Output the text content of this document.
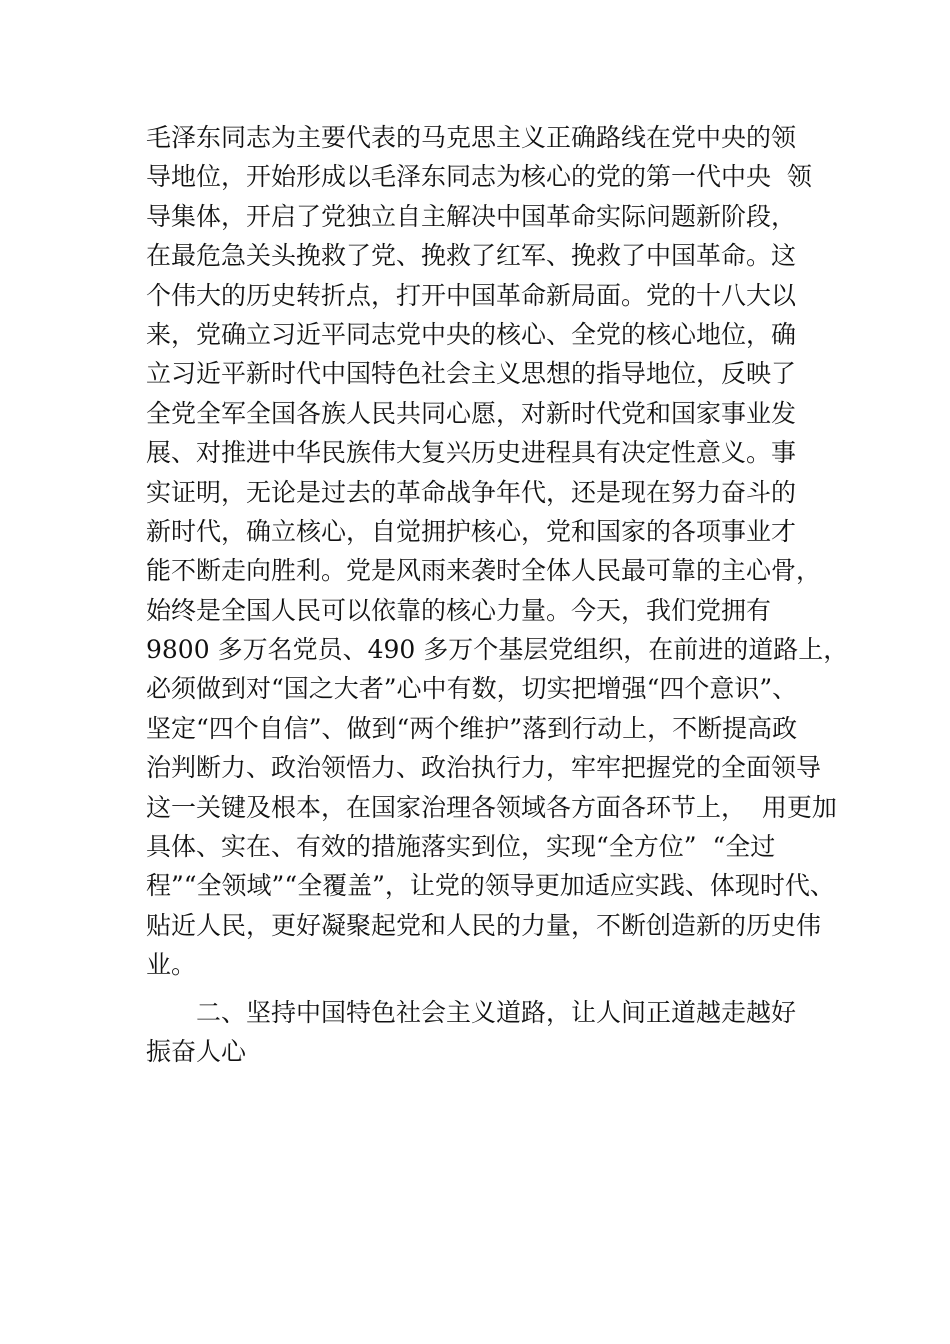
毛泽东同志为主要代表的马克思主义正确路线在党中央的领
导地位，开始形成以毛泽东同志为核心的党的第一代中央  领
导集体，开启了党独立自主解决中国革命实际问题新阶段，
在最危急关头挽救了党、挽救了红军、挽救了中国革命。这
个伟大的历史转折点，打开中国革命新局面。党的十八大以
来，党确立习近平同志党中央的核心、全党的核心地位，确
立习近平新时代中国特色社会主义思想的指导地位，反映了
全党全军全国各族人民共同心愿，对新时代党和国家事业发
展、对推进中华民族伟大复兴历史进程具有决定性意义。事
实证明，无论是过去的革命战争年代，还是现在努力奋斗的
新时代，确立核心，自觉拥护核心，党和国家的各项事业才
能不断走向胜利。党是风雨来袭时全体人民最可靠的主心骨，
始终是全国人民可以依靠的核心力量。今天，我们党拥有
9800 多万名党员、490 多万个基层党组织，在前进的道路上，
必须做到对“国之大者”心中有数，切实把增强“四个意识”、
坚定“四个自信”、做到“两个维护”落到行动上，不断提高政
治判断力、政治领悟力、政治执行力，牢牢把握党的全面领导
这一关键及根本，在国家治理各领域各方面各环节上，  用更加
具体、实在、有效的措施落实到位，实现“全方位”  “全过
程”“全领域”“全覆盖”，让党的领导更加适应实践、体现时代、
贴近人民，更好凝聚起党和人民的力量，不断创造新的历史伟
业。
二、坚持中国特色社会主义道路，让人间正道越走越好
振奋人心
